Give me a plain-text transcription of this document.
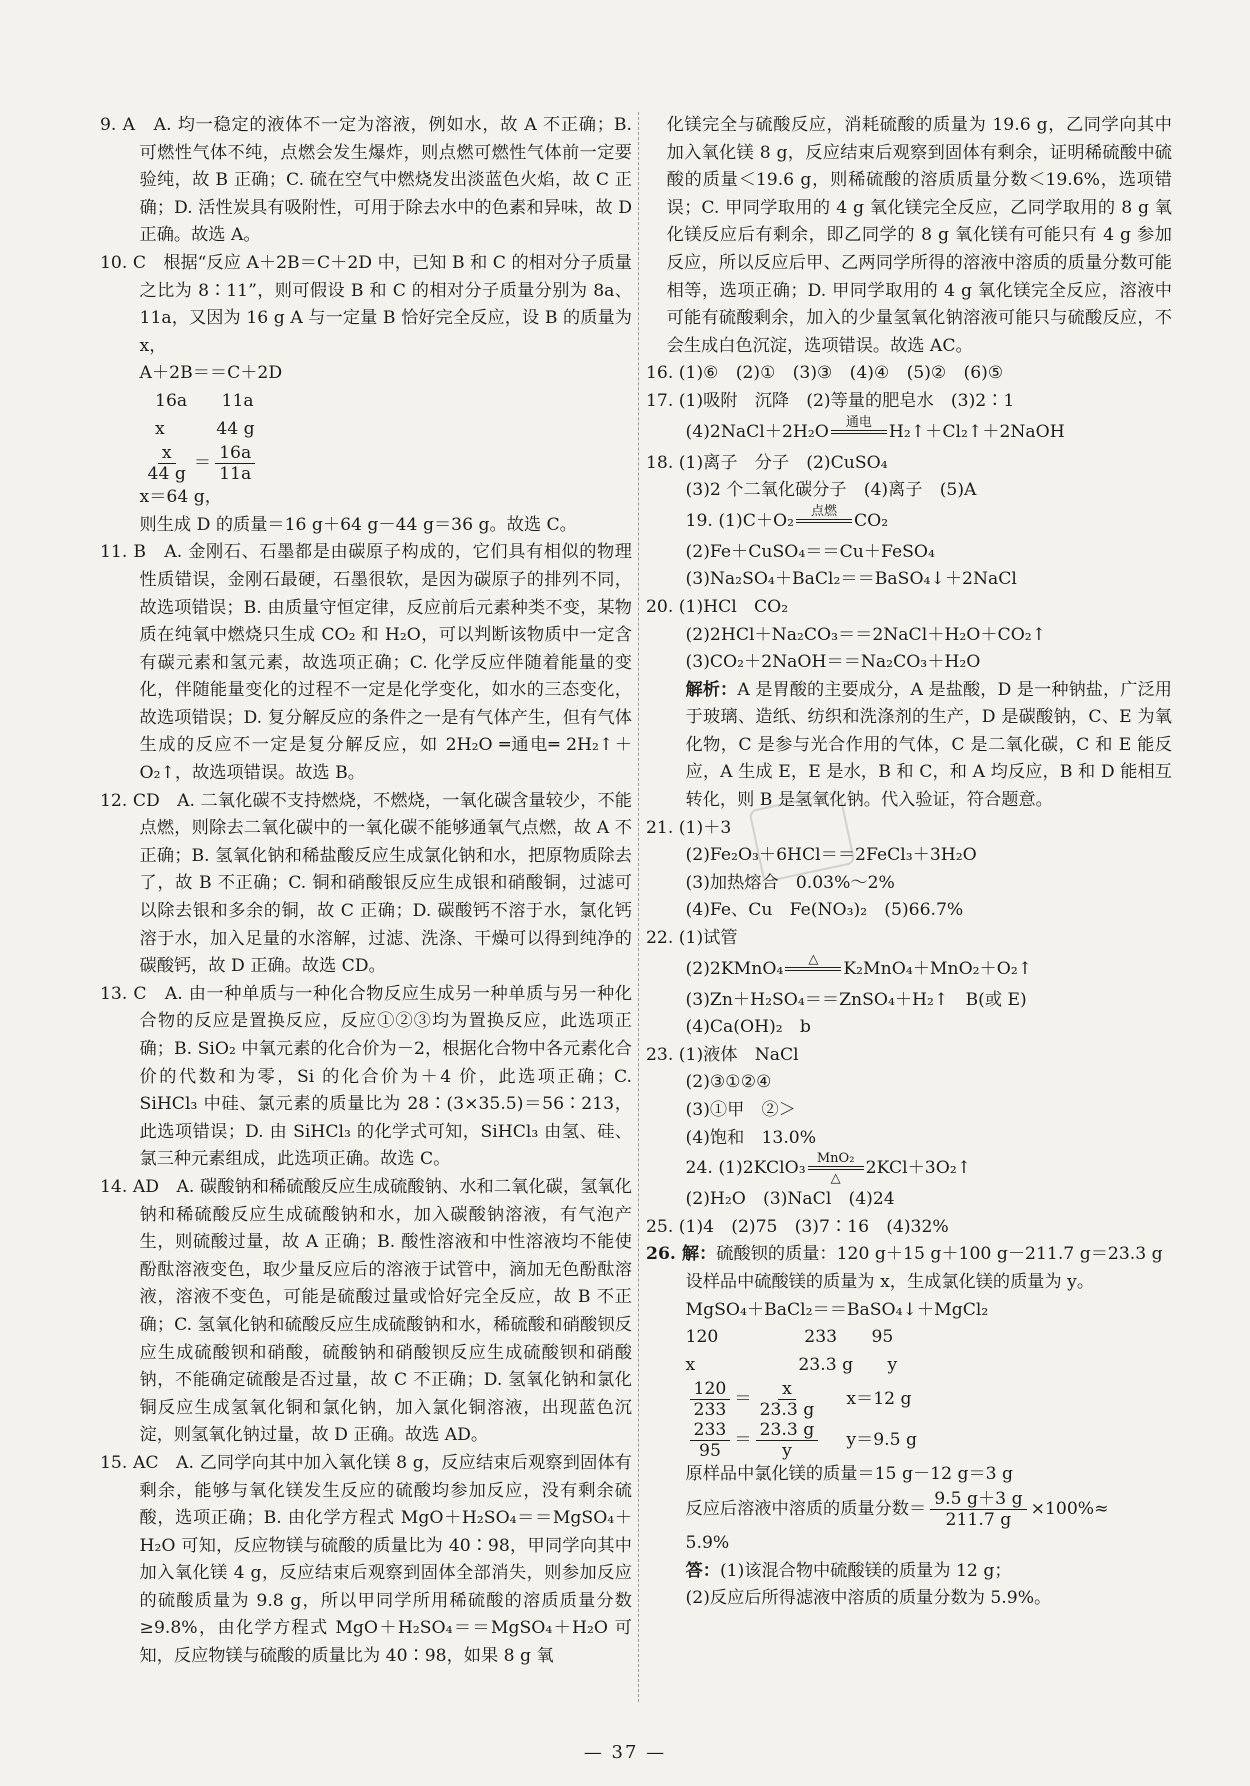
9. A　A. 均一稳定的液体不一定为溶液，例如水，故 A 不正确；B. 可燃性气体不纯，点燃会发生爆炸，则点燃可燃性气体前一定要验纯，故 B 正确；C. 硫在空气中燃烧发出淡蓝色火焰，故 C 正确；D. 活性炭具有吸附性，可用于除去水中的色素和异味，故 D 正确。故选 A。

10. C　根据“反应 A＋2B＝C＋2D 中，已知 B 和 C 的相对分子质量之比为 8∶11”，则可假设 B 和 C 的相对分子质量分别为 8a、11a，又因为 16 g A 与一定量 B 恰好完全反应，设 B 的质量为 x，

A＋2B＝＝C＋2D

16a　　11a

x　　　44 g

$\frac{x}{44 g} = \frac{16a}{11a}$

x＝64 g，

则生成 D 的质量＝16 g＋64 g－44 g＝36 g。故选 C。

11. B　A. 金刚石、石墨都是由碳原子构成的，它们具有相似的物理性质错误，金刚石最硬，石墨很软，是因为碳原子的排列不同，故选项错误；B. 由质量守恒定律，反应前后元素种类不变，某物质在纯氧中燃烧只生成 CO₂ 和 H₂O，可以判断该物质中一定含有碳元素和氢元素，故选项正确；C. 化学反应伴随着能量的变化，伴随能量变化的过程不一定是化学变化，如水的三态变化，故选项错误；D. 复分解反应的条件之一是有气体产生，但有气体生成的反应不一定是复分解反应，如 2H₂O ═通电═ 2H₂↑＋O₂↑，故选项错误。故选 B。

12. CD　A. 二氧化碳不支持燃烧，不燃烧，一氧化碳含量较少，不能点燃，则除去二氧化碳中的一氧化碳不能够通氧气点燃，故 A 不正确；B. 氢氧化钠和稀盐酸反应生成氯化钠和水，把原物质除去了，故 B 不正确；C. 铜和硝酸银反应生成银和硝酸铜，过滤可以除去银和多余的铜，故 C 正确；D. 碳酸钙不溶于水，氯化钙溶于水，加入足量的水溶解，过滤、洗涤、干燥可以得到纯净的碳酸钙，故 D 正确。故选 CD。

13. C　A. 由一种单质与一种化合物反应生成另一种单质与另一种化合物的反应是置换反应，反应①②③均为置换反应，此选项正确；B. SiO₂ 中氧元素的化合价为－2，根据化合物中各元素化合价的代数和为零，Si 的化合价为＋4 价，此选项正确；C. SiHCl₃ 中硅、氯元素的质量比为 28∶(3×35.5)＝56∶213，此选项错误；D. 由 SiHCl₃ 的化学式可知，SiHCl₃ 由氢、硅、氯三种元素组成，此选项正确。故选 C。

14. AD　A. 碳酸钠和稀硫酸反应生成硫酸钠、水和二氧化碳，氢氧化钠和稀硫酸反应生成硫酸钠和水，加入碳酸钠溶液，有气泡产生，则硫酸过量，故 A 正确；B. 酸性溶液和中性溶液均不能使酚酞溶液变色，取少量反应后的溶液于试管中，滴加无色酚酞溶液，溶液不变色，可能是硫酸过量或恰好完全反应，故 B 不正确；C. 氢氧化钠和硫酸反应生成硫酸钠和水，稀硫酸和硝酸钡反应生成硫酸钡和硝酸，硫酸钠和硝酸钡反应生成硫酸钡和硝酸钠，不能确定硫酸是否过量，故 C 不正确；D. 氢氧化钠和氯化铜反应生成氢氧化铜和氯化钠，加入氯化铜溶液，出现蓝色沉淀，则氢氧化钠过量，故 D 正确。故选 AD。

15. AC　A. 乙同学向其中加入氧化镁 8 g，反应结束后观察到固体有剩余，能够与氧化镁发生反应的硫酸均参加反应，没有剩余硫酸，选项正确；B. 由化学方程式 MgO＋H₂SO₄＝＝MgSO₄＋H₂O 可知，反应物镁与硫酸的质量比为 40∶98，甲同学向其中加入氧化镁 4 g，反应结束后观察到固体全部消失，则参加反应的硫酸质量为 9.8 g，所以甲同学所用稀硫酸的溶质质量分数≥9.8%，由化学方程式 MgO＋H₂SO₄＝＝MgSO₄＋H₂O 可知，反应物镁与硫酸的质量比为 40∶98，如果 8 g 氧

化镁完全与硫酸反应，消耗硫酸的质量为 19.6 g，乙同学向其中加入氧化镁 8 g，反应结束后观察到固体有剩余，证明稀硫酸中硫酸的质量＜19.6 g，则稀硫酸的溶质质量分数＜19.6%，选项错误；C. 甲同学取用的 4 g 氧化镁完全反应，乙同学取用的 8 g 氧化镁反应后有剩余，即乙同学的 8 g 氧化镁有可能只有 4 g 参加反应，所以反应后甲、乙两同学所得的溶液中溶质的质量分数可能相等，选项正确；D. 甲同学取用的 4 g 氧化镁完全反应，溶液中可能有硫酸剩余，加入的少量氢氧化钠溶液可能只与硫酸反应，不会生成白色沉淀，选项错误。故选 AC。

16. (1)⑥　(2)①　(3)③　(4)④　(5)②　(6)⑤

17. (1)吸附　沉降　(2)等量的肥皂水　(3)2∶1

(4)2NaCl＋2H₂O 通电 H₂↑＋Cl₂↑＋2NaOH

18. (1)离子　分子　(2)CuSO₄

(3)2 个二氧化碳分子　(4)离子　(5)A

19. (1)C＋O₂ 点燃 CO₂

(2)Fe＋CuSO₄＝＝Cu＋FeSO₄

(3)Na₂SO₄＋BaCl₂＝＝BaSO₄↓＋2NaCl

20. (1)HCl　CO₂

(2)2HCl＋Na₂CO₃＝＝2NaCl＋H₂O＋CO₂↑

(3)CO₂＋2NaOH＝＝Na₂CO₃＋H₂O

解析：A 是胃酸的主要成分，A 是盐酸，D 是一种钠盐，广泛用于玻璃、造纸、纺织和洗涤剂的生产，D 是碳酸钠，C、E 为氧化物，C 是参与光合作用的气体，C 是二氧化碳，C 和 E 能反应，A 生成 E，E 是水，B 和 C，和 A 均反应，B 和 D 能相互转化，则 B 是氢氧化钠。代入验证，符合题意。

21. (1)＋3

(2)Fe₂O₃＋6HCl＝＝2FeCl₃＋3H₂O

(3)加热熔合　0.03%～2%

(4)Fe、Cu　Fe(NO₃)₂　(5)66.7%

22. (1)试管

(2)2KMnO₄ △ K₂MnO₄＋MnO₂＋O₂↑

(3)Zn＋H₂SO₄＝＝ZnSO₄＋H₂↑　B(或 E)

(4)Ca(OH)₂　b

23. (1)液体　NaCl

(2)③①②④

(3)①甲　②＞

(4)饱和　13.0%

24. (1)2KClO₃ MnO₂
△
2KCl＋3O₂↑

(2)H₂O　(3)NaCl　(4)24

25. (1)4　(2)75　(3)7∶16　(4)32%

26. 解：硫酸钡的质量：120 g＋15 g＋100 g－211.7 g＝23.3 g

设样品中硫酸镁的质量为 x，生成氯化镁的质量为 y。

MgSO₄＋BaCl₂＝＝BaSO₄↓＋MgCl₂

120　　　　　233　　95

x　　　　　　23.3 g　　y

$\frac{120}{233} = \frac{x}{23.3 g} x=12$ g
$\frac{233}{95} = \frac{23.3 g}{y} y=9.5$ g

原样品中氯化镁的质量＝15 g－12 g＝3 g

反应后溶液中溶质的质量分数＝ $\frac{9.5 g+3 g}{211.7 g} \times 100\%\approx$

5.9%

答：(1)该混合物中硫酸镁的质量为 12 g；

(2)反应后所得滤液中溶质的质量分数为 5.9%。

— 37 —
